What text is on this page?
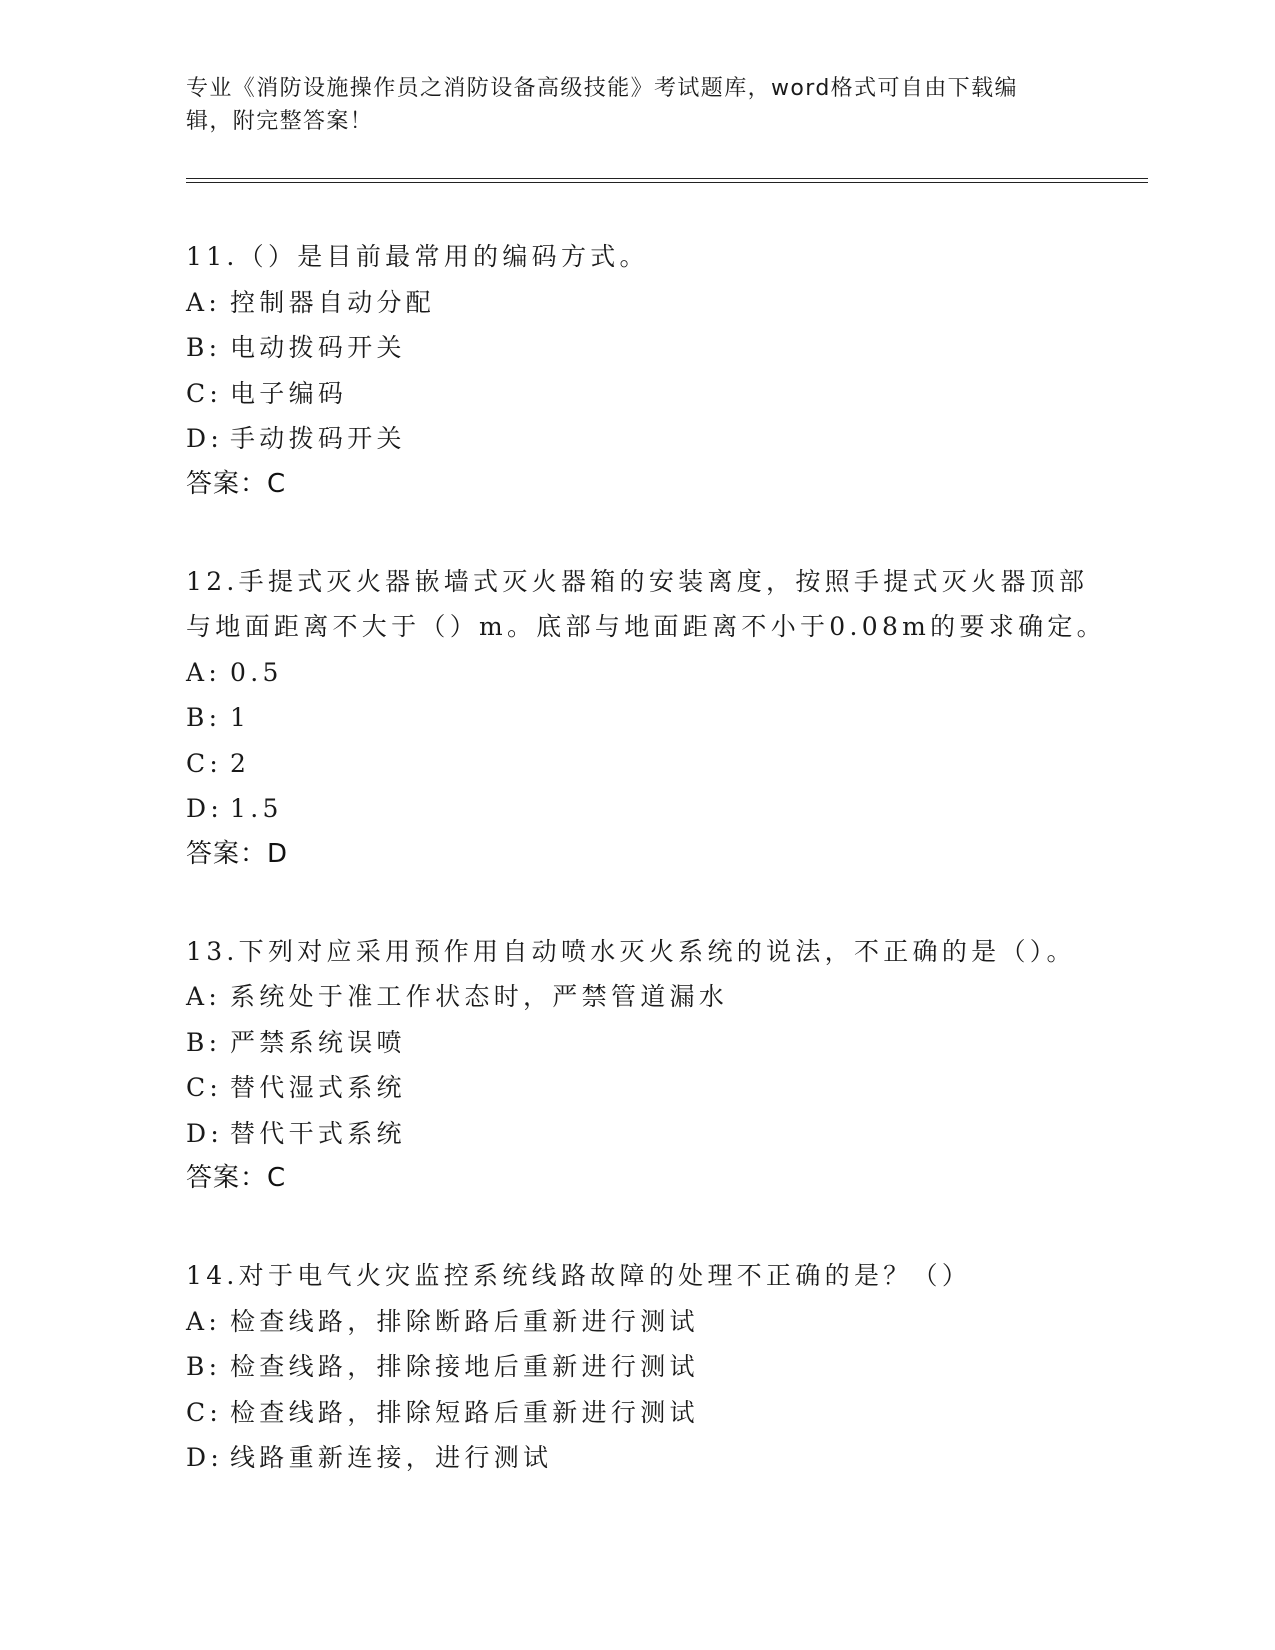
专业《消防设施操作员之消防设备高级技能》考试题库，word格式可自由下载编
辑，附完整答案！
11.（）是目前最常用的编码方式。
A: 控制器自动分配
B: 电动拨码开关
C: 电子编码
D: 手动拨码开关
答案：C
12.手提式灭火器嵌墙式灭火器箱的安装离度，按照手提式灭火器顶部
与地面距离不大于（）m。底部与地面距离不小于0.08m的要求确定。
A: 0.5
B: 1
C: 2
D: 1.5
答案：D
13.下列对应采用预作用自动喷水灭火系统的说法，不正确的是（）。
A: 系统处于准工作状态时，严禁管道漏水
B: 严禁系统误喷
C: 替代湿式系统
D: 替代干式系统
答案：C
14.对于电气火灾监控系统线路故障的处理不正确的是？（）
A: 检查线路，排除断路后重新进行测试
B: 检查线路，排除接地后重新进行测试
C: 检查线路，排除短路后重新进行测试
D: 线路重新连接，进行测试
